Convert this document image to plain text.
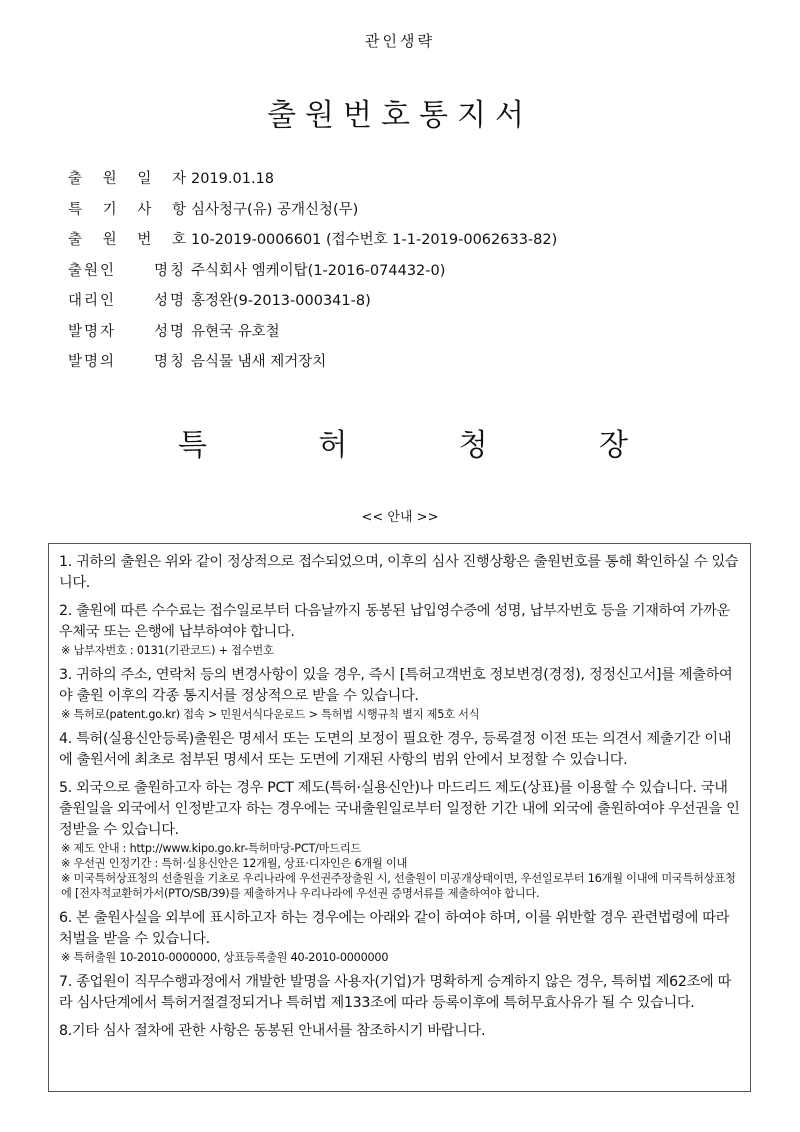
관인생략
출원번호통지서
출 원 일 자 2019.01.18
특 기 사 항 심사청구(유) 공개신청(무)
출 원 번 호 10-2019-0006601 (접수번호 1-1-2019-0062633-82)
출원인	명칭 주식회사 엠케이탑(1-2016-074432-0)
대리인	성명 홍정완(9-2013-000341-8)
발명자	성명 유현국 유호철
발명의	명칭 음식물 냄새 제거장치
특	허	청	장
<< 안내 >>
1. 귀하의 출원은 위와 같이 정상적으로 접수되었으며, 이후의 심사 진행상황은 출원번호를 통해 확인하실 수 있습니다.
2. 출원에 따른 수수료는 접수일로부터 다음날까지 동봉된 납입영수증에 성명, 납부자번호 등을 기재하여 가까운 우체국 또는 은행에 납부하여야 합니다.
※ 납부자번호 : 0131(기관코드) + 접수번호
3. 귀하의 주소, 연락처 등의 변경사항이 있을 경우, 즉시 [특허고객번호 정보변경(경정), 정정신고서]를 제출하여야 출원 이후의 각종 통지서를 정상적으로 받을 수 있습니다.
※ 특허로(patent.go.kr) 접속 > 민원서식다운로드 > 특허법 시행규칙 별지 제5호 서식
4. 특허(실용신안등록)출원은 명세서 또는 도면의 보정이 필요한 경우, 등록결정 이전 또는 의견서 제출기간 이내에 출원서에 최초로 첨부된 명세서 또는 도면에 기재된 사항의 범위 안에서 보정할 수 있습니다.
5. 외국으로 출원하고자 하는 경우 PCT 제도(특허·실용신안)나 마드리드 제도(상표)를 이용할 수 있습니다. 국내출원일을 외국에서 인정받고자 하는 경우에는 국내출원일로부터 일정한 기간 내에 외국에 출원하여야 우선권을 인정받을 수 있습니다.
※ 제도 안내 : http://www.kipo.go.kr-특허마당-PCT/마드리드
※ 우선권 인정기간 : 특허·실용신안은 12개월, 상표·디자인은 6개월 이내
※ 미국특허상표청의 선출원을 기초로 우리나라에 우선권주장출원 시, 선출원이 미공개상태이면, 우선일로부터 16개월 이내에 미국특허상표청에 [전자적교환허가서(PTO/SB/39)를 제출하거나 우리나라에 우선권 증명서류를 제출하여야 합니다.
6. 본 출원사실을 외부에 표시하고자 하는 경우에는 아래와 같이 하여야 하며, 이를 위반할 경우 관련법령에 따라 처벌을 받을 수 있습니다.
※ 특허출원 10-2010-0000000, 상표등록출원 40-2010-0000000
7. 종업원이 직무수행과정에서 개발한 발명을 사용자(기업)가 명확하게 승계하지 않은 경우, 특허법 제62조에 따라 심사단계에서 특허거절결정되거나 특허법 제133조에 따라 등록이후에 특허무효사유가 될 수 있습니다.
8.기타 심사 절차에 관한 사항은 동봉된 안내서를 참조하시기 바랍니다.
